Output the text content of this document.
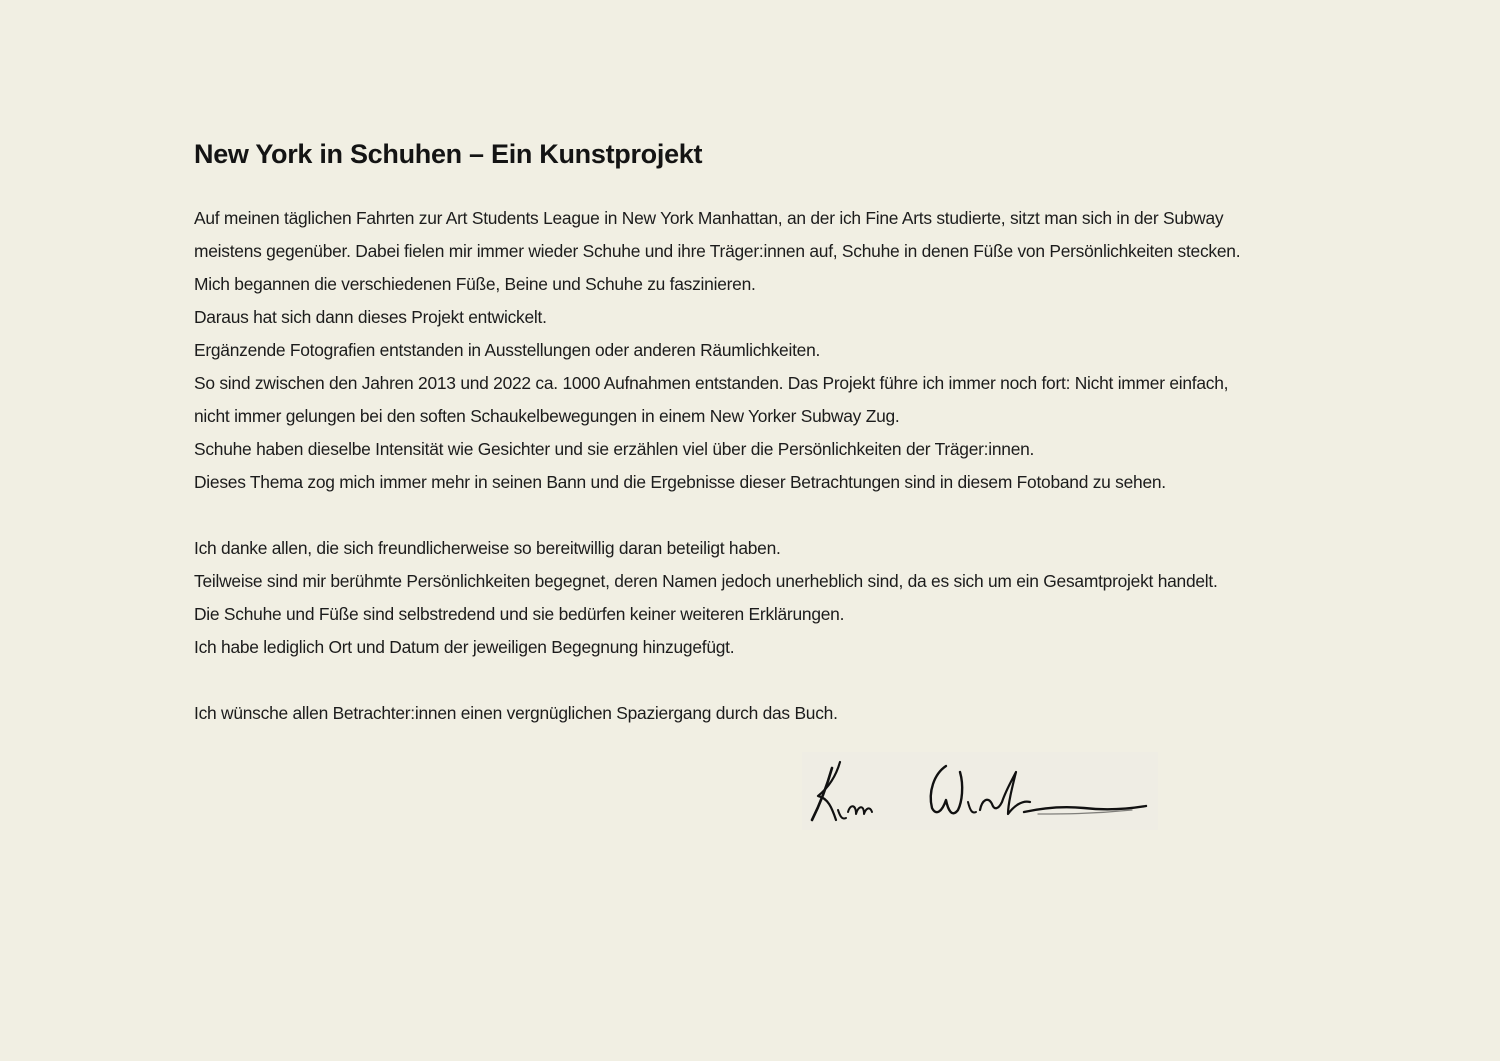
New York in Schuhen – Ein Kunstprojekt
Auf meinen täglichen Fahrten zur Art Students League in New York Manhattan, an der ich Fine Arts studierte, sitzt man sich in der Subway
meistens gegenüber. Dabei fielen mir immer wieder Schuhe und ihre Träger:innen auf, Schuhe in denen Füße von Persönlichkeiten stecken.
Mich begannen die verschiedenen Füße, Beine und Schuhe zu faszinieren.
Daraus hat sich dann dieses Projekt entwickelt.
Ergänzende Fotografien entstanden in Ausstellungen oder anderen Räumlichkeiten.
So sind zwischen den Jahren 2013 und 2022 ca. 1000 Aufnahmen entstanden. Das Projekt führe ich immer noch fort: Nicht immer einfach,
nicht immer gelungen bei den soften Schaukelbewegungen in einem New Yorker Subway Zug.
Schuhe haben dieselbe Intensität wie Gesichter und sie erzählen viel über die Persönlichkeiten der Träger:innen.
Dieses Thema zog mich immer mehr in seinen Bann und die Ergebnisse dieser Betrachtungen sind in diesem Fotoband zu sehen.
Ich danke allen, die sich freundlicherweise so bereitwillig daran beteiligt haben.
Teilweise sind mir berühmte Persönlichkeiten begegnet, deren Namen jedoch unerheblich sind, da es sich um ein Gesamtprojekt handelt.
Die Schuhe und Füße sind selbstredend und sie bedürfen keiner weiteren Erklärungen.
Ich habe lediglich Ort und Datum der jeweiligen Begegnung hinzugefügt.
Ich wünsche allen Betrachter:innen einen vergnüglichen Spaziergang durch das Buch.
